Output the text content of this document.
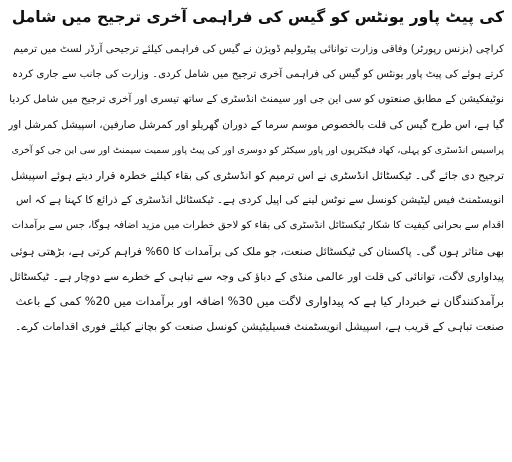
کی پیٹ پاور یونٹس کو گیس کی فراہمی آخری ترجیح میں شامل
کراچی (بزنس رپورٹر) وفاقی وزارت توانائی پیٹرولیم ڈویژن نے گیس کی فراہمی کیلئے ترجیحی آرڈر لسٹ میں ترمیم
کرتے ہوئے کی پیٹ پاور یونٹس کو گیس کی فراہمی آخری ترجیح میں شامل کردی۔ وزارت کی جانب سے جاری کردہ
نوٹیفکیشن کے مطابق صنعتوں کو سی این جی اور سیمنٹ انڈسٹری کے ساتھ تیسری اور آخری ترجیح میں شامل کردیا
گیا ہے، اس طرح گیس کی قلت بالخصوص موسم سرما کے دوران گھریلو اور کمرشل صارفین، اسپیشل کمرشل اور
پراسیس انڈسٹری کو پہلی، کھاد فیکٹریوں اور پاور سیکٹر کو دوسری اور کی پیٹ پاور سمیت سیمنٹ اور سی این جی کو آخری
ترجیح دی جائے گی۔ ٹیکسٹائل انڈسٹری نے اس ترمیم کو انڈسٹری کی بقاء کیلئے خطرہ قرار دیتے ہوئے اسپیشل
انویسٹمنٹ فیس لیٹیشن کونسل سے نوٹس لینے کی اپیل کردی ہے۔ ٹیکسٹائل انڈسٹری کے ذرائع کا کہنا ہے کہ اس
اقدام سے بحرانی کیفیت کا شکار ٹیکسٹائل انڈسٹری کی بقاء کو لاحق خطرات میں مزید اضافہ ہوگا، جس سے برآمدات
بھی متاثر ہوں گی۔ پاکستان کی ٹیکسٹائل صنعت، جو ملک کی برآمدات کا 60% فراہم کرتی ہے، بڑھتی ہوئی
پیداواری لاگت، توانائی کی قلت اور عالمی منڈی کے دباؤ کی وجہ سے تباہی کے خطرے سے دوچار ہے۔ ٹیکسٹائل
برآمدکنندگان نے خبردار کیا ہے کہ پیداواری لاگت میں 30% اضافہ اور برآمدات میں 20% کمی کے باعث
صنعت تباہی کے قریب ہے، اسپیشل انویسٹمنٹ فسیلیٹیشن کونسل صنعت کو بچانے کیلئے فوری اقدامات کرے۔
